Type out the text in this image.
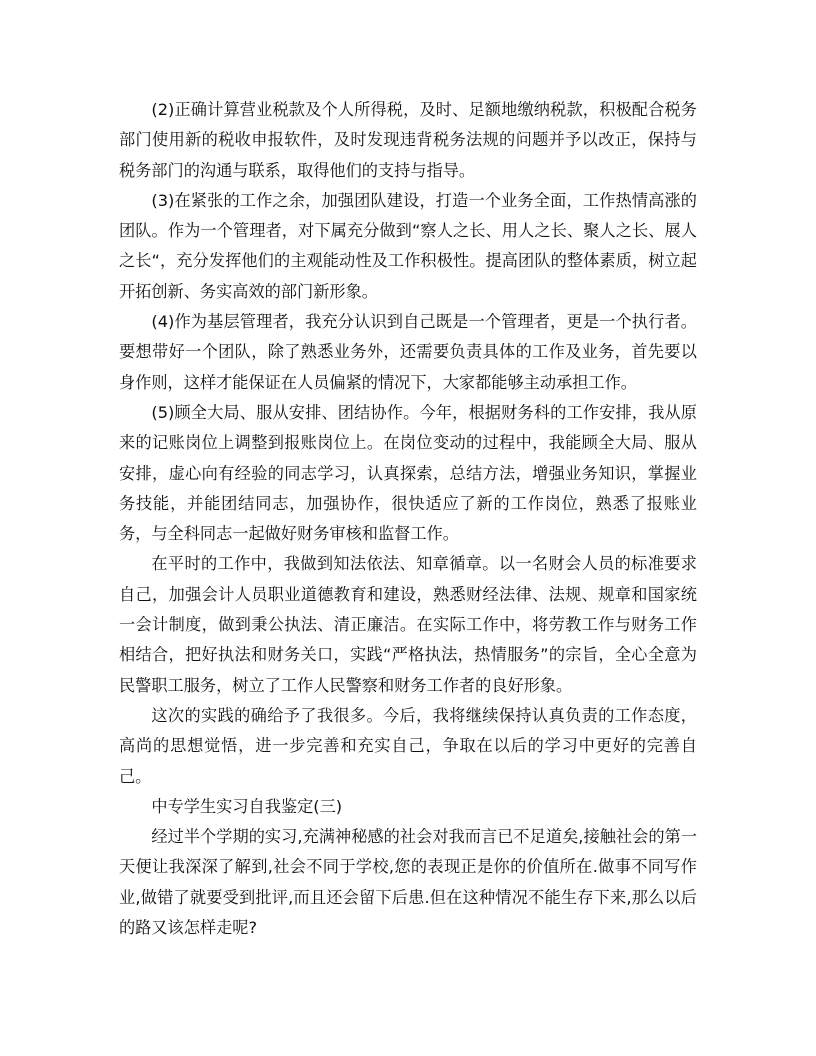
(2)正确计算营业税款及个人所得税，及时、足额地缴纳税款，积极配合税务部门使用新的税收申报软件，及时发现违背税务法规的问题并予以改正，保持与税务部门的沟通与联系，取得他们的支持与指导。

(3)在紧张的工作之余，加强团队建设，打造一个业务全面，工作热情高涨的团队。作为一个管理者，对下属充分做到“察人之长、用人之长、聚人之长、展人之长“，充分发挥他们的主观能动性及工作积极性。提高团队的整体素质，树立起开拓创新、务实高效的部门新形象。

(4)作为基层管理者，我充分认识到自己既是一个管理者，更是一个执行者。要想带好一个团队，除了熟悉业务外，还需要负责具体的工作及业务，首先要以身作则，这样才能保证在人员偏紧的情况下，大家都能够主动承担工作。

(5)顾全大局、服从安排、团结协作。今年，根据财务科的工作安排，我从原来的记账岗位上调整到报账岗位上。在岗位变动的过程中，我能顾全大局、服从安排，虚心向有经验的同志学习，认真探索，总结方法，增强业务知识，掌握业务技能，并能团结同志，加强协作，很快适应了新的工作岗位，熟悉了报账业务，与全科同志一起做好财务审核和监督工作。

在平时的工作中，我做到知法依法、知章循章。以一名财会人员的标准要求自己，加强会计人员职业道德教育和建设，熟悉财经法律、法规、规章和国家统一会计制度，做到秉公执法、清正廉洁。在实际工作中，将劳教工作与财务工作相结合，把好执法和财务关口，实践“严格执法，热情服务”的宗旨，全心全意为民警职工服务，树立了工作人民警察和财务工作者的良好形象。

这次的实践的确给予了我很多。今后，我将继续保持认真负责的工作态度，高尚的思想觉悟，进一步完善和充实自己，争取在以后的学习中更好的完善自己。

中专学生实习自我鉴定(三)

经过半个学期的实习,充满神秘感的社会对我而言已不足道矣,接触社会的第一天便让我深深了解到,社会不同于学校,您的表现正是你的价值所在.做事不同写作业,做错了就要受到批评,而且还会留下后患.但在这种情况不能生存下来,那么以后的路又该怎样走呢?
